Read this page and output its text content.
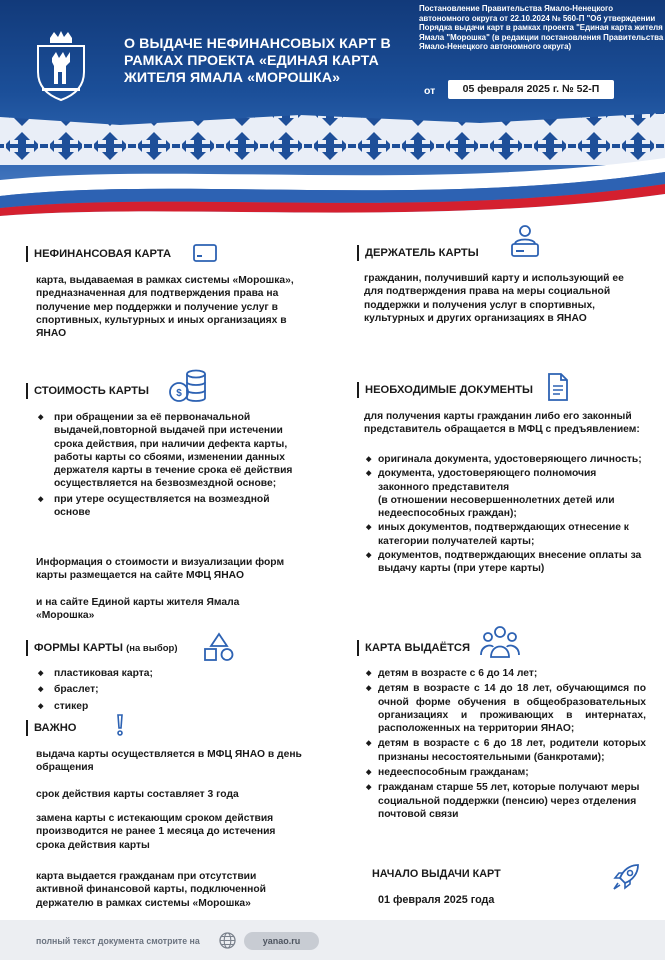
О ВЫДАЧЕ НЕФИНАНСОВЫХ КАРТ В РАМКАХ ПРОЕКТА «ЕДИНАЯ КАРТА ЖИТЕЛЯ ЯМАЛА «МОРОШКА»
Постановление Правительства Ямало-Ненецкого автономного округа от 22.10.2024 № 560-П "Об утверждении Порядка выдачи карт в рамках проекта "Единая карта жителя Ямала "Морошка" (в редакции постановления Правительства Ямало-Ненецкого автономного округа)
от	05 февраля 2025 г. № 52-П
НЕФИНАНСОВАЯ КАРТА
карта, выдаваемая в рамках системы «Морошка», предназначенная для подтверждения права на получение мер поддержки и получение услуг в спортивных, культурных и иных организациях в ЯНАО
ДЕРЖАТЕЛЬ КАРТЫ
гражданин, получивший карту и использующий ее для подтверждения права на меры социальной поддержки и получения услуг в спортивных, культурных и других организациях в ЯНАО
СТОИМОСТЬ КАРТЫ	$
◆ при обращении за её первоначальной выдачей,повторной выдачей при истечении срока действия, при наличии дефекта карты, работы карты со сбоями, изменении данных держателя карты в течение срока её действия осуществляется на безвозмездной основе;
◆ при утере осуществляется на возмездной основе
Информация о стоимости и визуализации форм карты размещается на сайте МФЦ ЯНАО
и на сайте Единой карты жителя Ямала «Морошка»
НЕОБХОДИМЫЕ ДОКУМЕНТЫ
для получения карты гражданин либо его законный представитель обращается в МФЦ с предъявлением:
◆ оригинала документа, удостоверяющего личность;
◆ документа, удостоверяющего полномочия законного представителя
(в отношении несовершеннолетних детей или недееспособных граждан);
◆ иных документов, подтверждающих отнесение к категории получателей карты;
◆ документов, подтверждающих внесение оплаты за выдачу карты (при утере карты)
ФОРМЫ КАРТЫ (на выбор)
◆ пластиковая карта;
◆ браслет;
◆ стикер
ВАЖНО
выдача карты осуществляется в МФЦ ЯНАО в день обращения
срок действия карты составляет 3 года
замена карты с истекающим сроком действия производится не ранее 1 месяца до истечения срока действия карты
карта выдается гражданам при отсутствии активной финансовой карты, подключенной держателю в рамках системы «Морошка»
КАРТА ВЫДАЁТСЯ
◆ детям в возрасте с 6 до 14 лет;
◆ детям в возрасте с 14 до 18 лет, обучающимся по очной форме обучения в общеобразовательных организациях и проживающих в интернатах, расположенных на территории ЯНАО;
◆ детям в возрасте с 6 до 18 лет, родители которых признаны несостоятельными (банкротами);
◆ недееспособным гражданам;
◆ гражданам старше 55 лет, которые получают меры социальной поддержки (пенсию) через отделения почтовой связи
НАЧАЛО ВЫДАЧИ КАРТ
01 февраля 2025 года
полный текст документа смотрите на	yanao.ru
